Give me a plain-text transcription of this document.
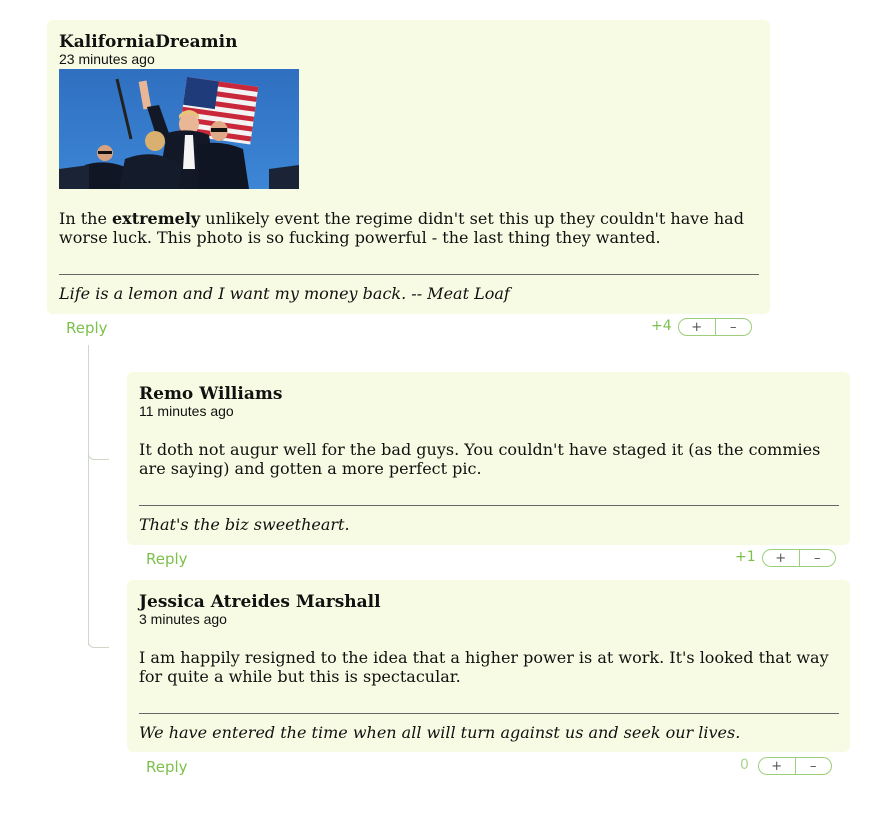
KaliforniaDreamin
23 minutes ago
In the extremely unlikely event the regime didn't set this up they couldn't have had worse luck. This photo is so fucking powerful - the last thing they wanted.
Life is a lemon and I want my money back. -- Meat Loaf
Reply	+4	+	–
Remo Williams
11 minutes ago
It doth not augur well for the bad guys. You couldn't have staged it (as the commies are saying) and gotten a more perfect pic.
That's the biz sweetheart.
Reply	+1	+	–
Jessica Atreides Marshall
3 minutes ago
I am happily resigned to the idea that a higher power is at work. It's looked that way for quite a while but this is spectacular.
We have entered the time when all will turn against us and seek our lives.
Reply	0	+	–
